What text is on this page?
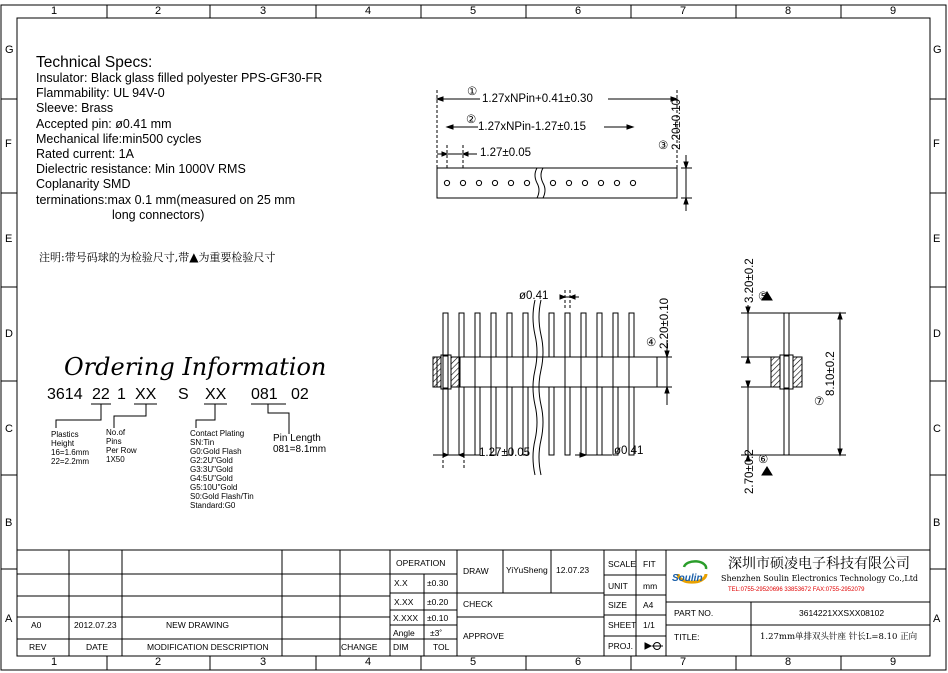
1	2	3	4	5	6	7	8	9
1	2	3	4	5	6	7	8	9
G
F
E
D
C
B
A
G
F
E
D
C
B
A
Technical Specs:
Insulator: Black glass filled polyester PPS-GF30-FR
Flammability: UL 94V-0
Sleeve: Brass
Accepted pin: ø0.41 mm
Mechanical life:min500 cycles
Rated current: 1A
Dielectric resistance: Min 1000V RMS
Coplanarity SMD
terminations:max 0.1 mm(measured on 25 mm
long connectors)
注明:带号码球的为检验尺寸,带▲为重要检验尺寸
Ordering Information
3614 22 1 XX S XX 081 02
Plastics
Height
16=1.6mm
22=2.2mm
No.of
Pins
Per Row
1X50
Contact Plating
SN:Tin
G0:Gold Flash
G2:2U"Gold
G3:3U"Gold
G4:5U"Gold
G5:10U"Gold
S0:Gold Flash/Tin
Standard:G0
Pin Length
081=8.1mm
①
1.27xNPin+0.41±0.30
②
1.27xNPin-1.27±0.15
1.27±0.05
③ 2.20±0.10
ø0.41
④ 2.20±0.10
1.27±0.05	ø0.41
3.20±0.2 ⑤
8.10±0.2
⑦
⑥
2.70±0.2
A0	2012.07.23	NEW DRAWING
REV	DATE	MODIFICATION DESCRIPTION	CHANGE
OPERATION
X.X ±0.30
X.XX ±0.20
X.XXX ±0.10
Angle ±3˚
DIM	TOL
DRAW YiYuSheng 12.07.23
CHECK
APPROVE
SCALE FIT
UNIT mm
SIZE A4
SHEET 1/1
PROJ.
Soulin
深圳市硕凌电子科技有限公司
Shenzhen Soulin Electronics Technology Co.,Ltd
TEL:0755-29520696 33853672 FAX:0755-2952079
PART NO.	3614221XXSXX08102
TITLE:	1.27mm单排双头针座 针长L=8.10 正向
